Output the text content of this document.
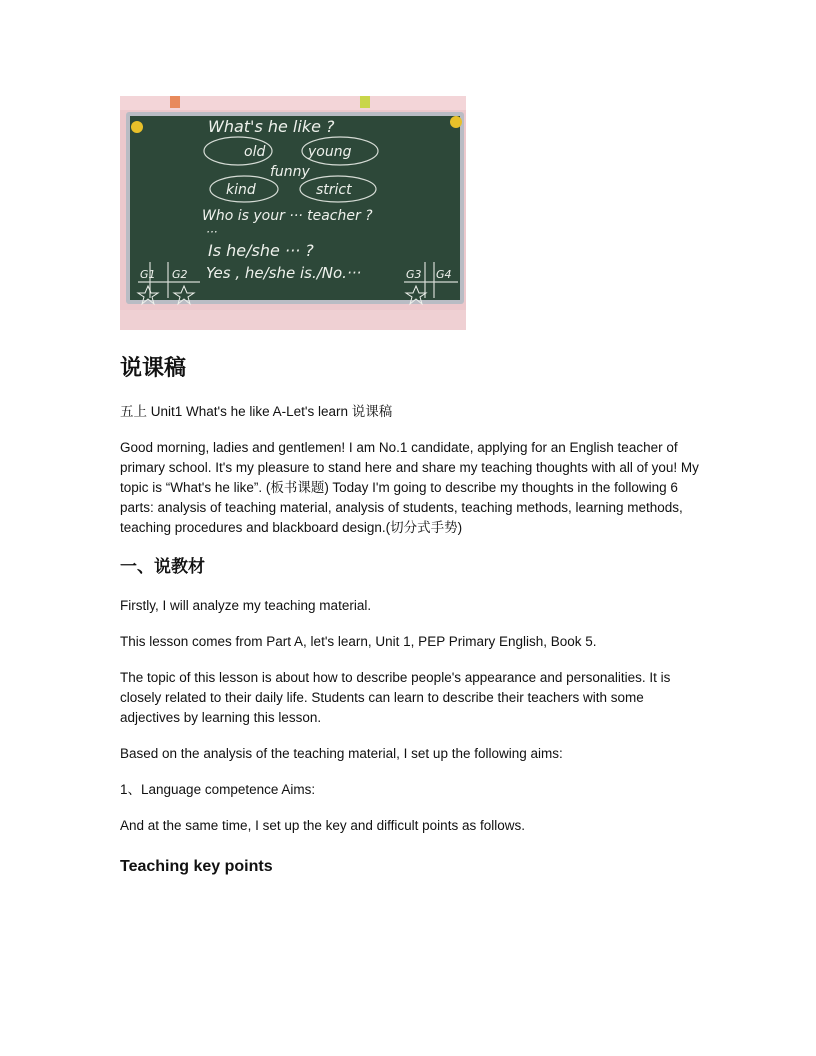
What's he like ?
old	young
funny
kind	strict
Who is your ··· teacher ?
···
Is he/she ··· ?
Yes , he/she is./No.···
G1 G2	G3 G4
说课稿

五上 Unit1 What's he like A-Let's learn 说课稿

Good morning, ladies and gentlemen! I am No.1 candidate, applying for an English teacher of primary school. It's my pleasure to stand here and share my teaching thoughts with all of you! My topic is “What's he like”. (板书课题) Today I'm going to describe my thoughts in the following 6 parts: analysis of teaching material, analysis of students, teaching methods, learning methods, teaching procedures and blackboard design.(切分式手势)

一、说教材

Firstly, I will analyze my teaching material.

This lesson comes from Part A, let's learn, Unit 1, PEP Primary English, Book 5.

The topic of this lesson is about how to describe people's appearance and personalities. It is closely related to their daily life. Students can learn to describe their teachers with some adjectives by learning this lesson.

Based on the analysis of the teaching material, I set up the following aims:

1、Language competence Aims:

And at the same time, I set up the key and difficult points as follows.

Teaching key points
